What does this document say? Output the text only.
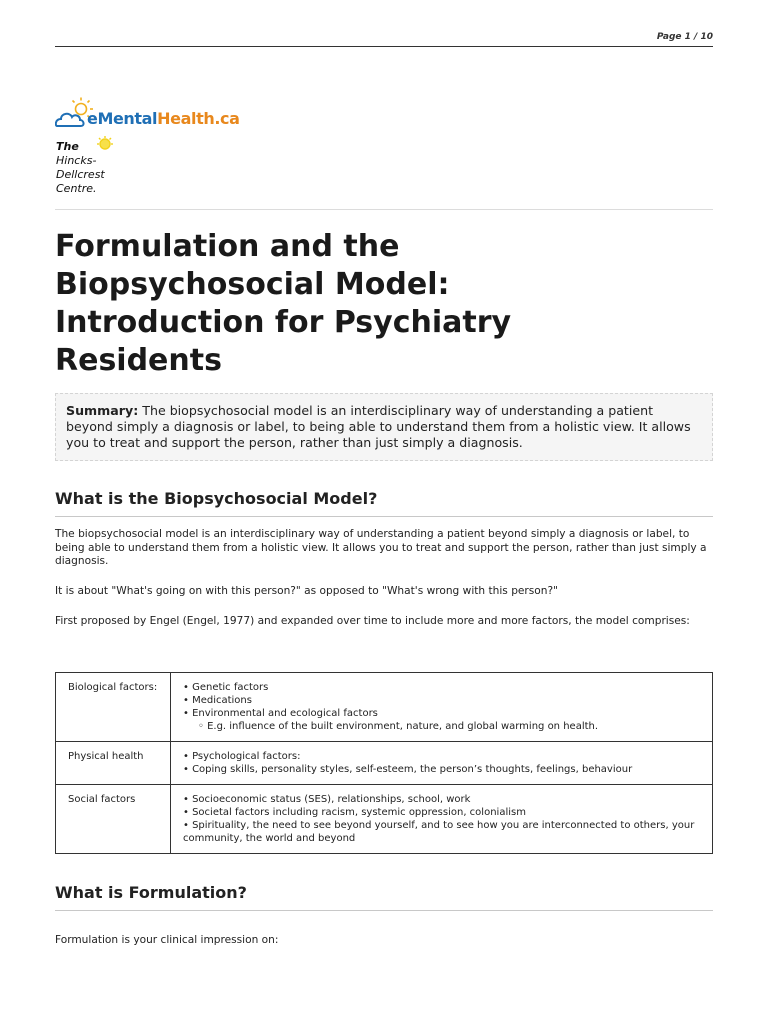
Page 1 / 10
eMentalHealth.ca
The
Hincks-
Dellcrest
Centre.
Formulation and the Biopsychosocial Model: Introduction for Psychiatry Residents
Summary: The biopsychosocial model is an interdisciplinary way of understanding a patient beyond simply a diagnosis or label, to being able to understand them from a holistic view. It allows you to treat and support the person, rather than just simply a diagnosis.
What is the Biopsychosocial Model?

The biopsychosocial model is an interdisciplinary way of understanding a patient beyond simply a diagnosis or label, to being able to understand them from a holistic view. It allows you to treat and support the person, rather than just simply a diagnosis.

It is about "What's going on with this person?" as opposed to "What's wrong with this person?"

First proposed by Engel (Engel, 1977) and expanded over time to include more and more factors, the model comprises:

Biological factors:	• Genetic factors
• Medications
• Environmental and ecological factors
◦ E.g. influence of the built environment, nature, and global warming on health.

Physical health	• Psychological factors:
• Coping skills, personality styles, self-esteem, the person’s thoughts, feelings, behaviour

Social factors	• Socioeconomic status (SES), relationships, school, work
• Societal factors including racism, systemic oppression, colonialism
• Spirituality, the need to see beyond yourself, and to see how you are interconnected to others, your community, the world and beyond
What is Formulation?

Formulation is your clinical impression on:
